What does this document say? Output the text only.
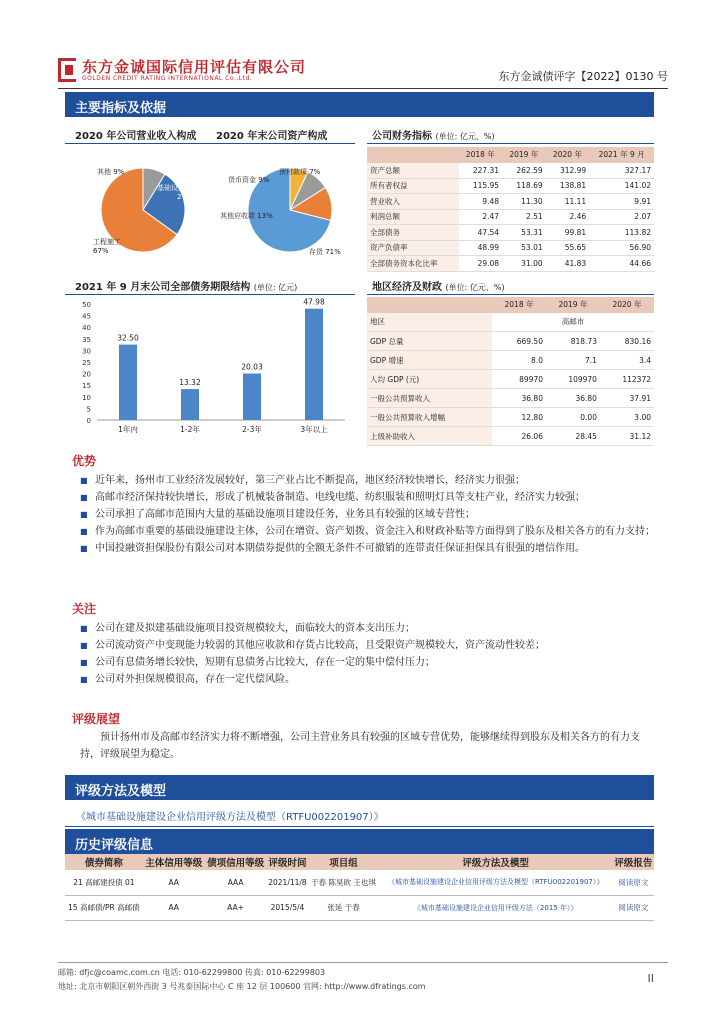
东方金诚国际信用评估有限公司
GOLDEN CREDIT RATING INTERNATIONAL Co.,Ltd.	东方金诚债评字【2022】0130 号
主要指标及依据
2020 年公司营业收入构成 2020 年末公司资产构成
其他 9%
基础设施建设 27%
工程施工 67%
预付款项 7%
货币资金 9%
其他应收款 13%
存货 71%
2021 年 9 月末公司全部债务期限结构 (单位: 亿元)
0
5
10
15
20
25
30
35
40
45
50
32.50
1年内
13.32
1-2年
20.03
2-3年
47.98
3年以上
公司财务指标 (单位: 亿元、%)
	2018 年	2019 年	2020 年	2021 年 9 月
资产总额	227.31	262.59	312.99	327.17
所有者权益	115.95	118.69	138.81	141.02
营业收入	9.48	11.30	11.11	9.91
利润总额	2.47	2.51	2.46	2.07
全部债务	47.54	53.31	99.81	113.82
资产负债率	48.99	53.01	55.65	56.90
全部债务资本化比率	29.08	31.00	41.83	44.66
地区经济及财政 (单位: 亿元、%)
	2018 年	2019 年	2020 年
地区	高邮市		
GDP 总量	669.50	818.73	830.16
GDP 增速	8.0	7.1	3.4
人均 GDP (元)	89970	109970	112372
一般公共预算收入	36.80	36.80	37.91
一般公共预算收入增幅	12.80	0.00	3.00
上级补助收入	26.06	28.45	31.12
优势
■ 近年来，扬州市工业经济发展较好，第三产业占比不断提高，地区经济较快增长，经济实力很强；
■ 高邮市经济保持较快增长，形成了机械装备制造、电线电缆、纺织服装和照明灯具等支柱产业，经济实力较强；
■ 公司承担了高邮市范围内大量的基础设施项目建设任务，业务具有较强的区域专营性；
■ 作为高邮市重要的基础设施建设主体，公司在增资、资产划拨、资金注入和财政补贴等方面得到了股东及相关各方的有力支持；
■ 中国投融资担保股份有限公司对本期债券提供的全额无条件不可撤销的连带责任保证担保具有很强的增信作用。
关注
■ 公司在建及拟建基础设施项目投资规模较大，面临较大的资本支出压力；
■ 公司流动资产中变现能力较弱的其他应收款和存货占比较高，且受限资产规模较大，资产流动性较差；
■ 公司有息债务增长较快，短期有息债务占比较大，存在一定的集中偿付压力；
■ 公司对外担保规模很高，存在一定代偿风险。
评级展望
预计扬州市及高邮市经济实力将不断增强，公司主营业务具有较强的区域专营优势，能够继续得到股东及相关各方的有力支持，评级展望为稳定。
评级方法及模型
《城市基础设施建设企业信用评级方法及模型（RTFU002201907）》
历史评级信息
债券简称	主体信用等级	债项信用等级	评级时间	项目组	评级方法及模型	评级报告
21 高邮建投债 01	AA	AAA	2021/11/8	于春 陈昊欧 王也琪	《城市基础设施建设企业信用评级方法及模型（RTFU002201907）》	阅读原文
15 高邮债/PR 高邮债	AA	AA+	2015/5/4	张延 于春	《城市基础设施建设企业信用评级方法（2015 年）》	阅读原文
邮箱: dfjc@coamc.com.cn 电话: 010-62299800 传真: 010-62299803
地址: 北京市朝阳区朝外西街 3 号兆泰国际中心 C 座 12 层 100600 官网: http://www.dfratings.com
II
